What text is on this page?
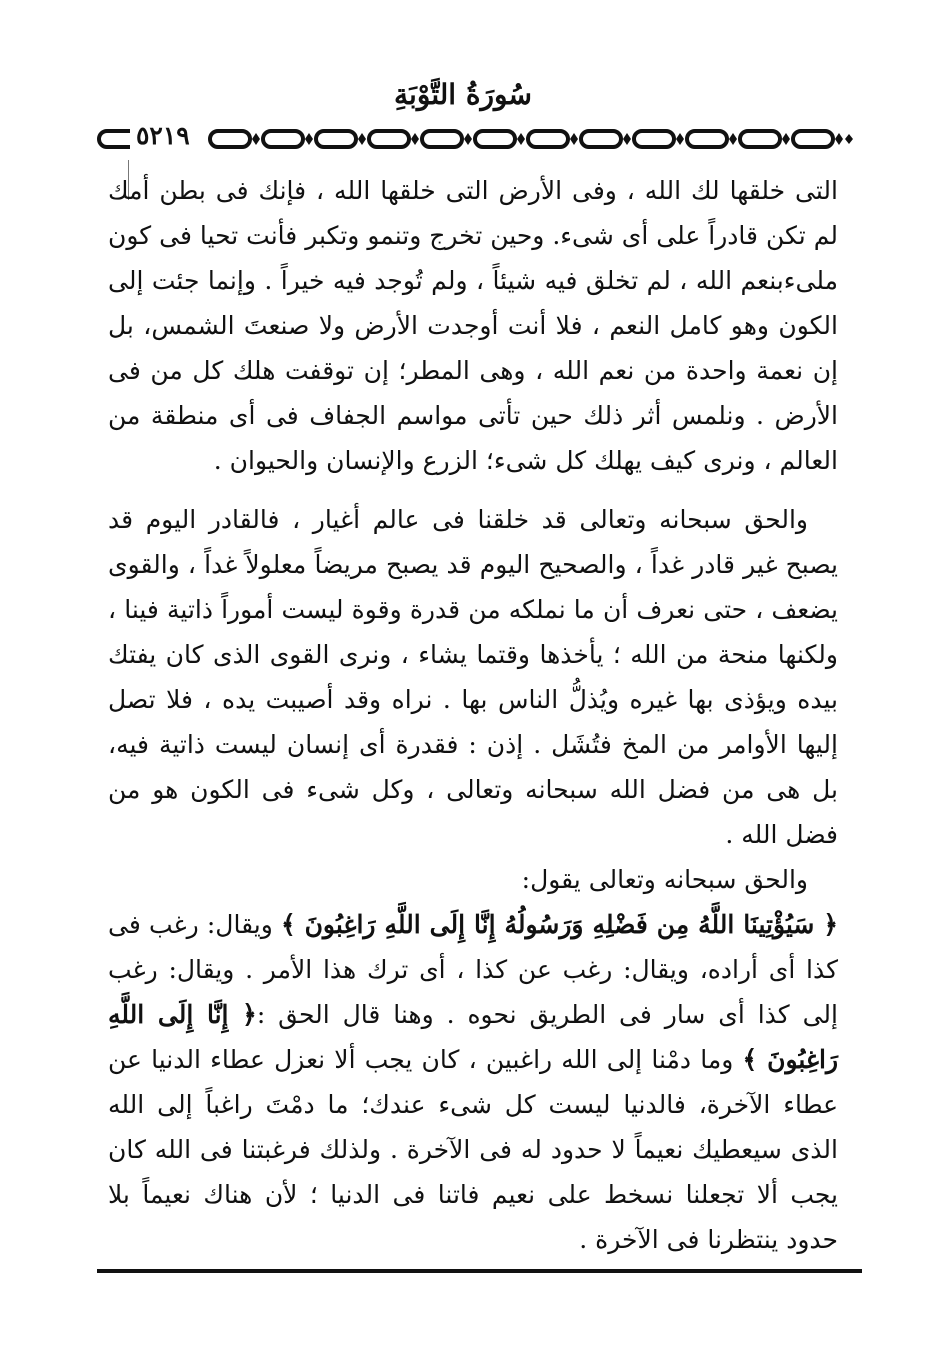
سُورَةُ التَّوْبَةِ
٥٢١٩

التى خلقها لك الله ، وفى الأرض التى خلقها الله ، فإنك فى بطن أمك لم تكن قادراً على أى شىء. وحين تخرج وتنمو وتكبر فأنت تحيا فى كون ملىءبنعم الله ، لم تخلق فيه شيئاً ، ولم تُوجد فيه خيراً . وإنما جئت إلى الكون وهو كامل النعم ، فلا أنت أوجدت الأرض ولا صنعتَ الشمس، بل إن نعمة واحدة من نعم الله ، وهى المطر؛ إن توقفت هلك كل من فى الأرض . ونلمس أثر ذلك حين تأتى مواسم الجفاف فى أى منطقة من العالم ، ونرى كيف يهلك كل شىء؛ الزرع والإنسان والحيوان .

والحق سبحانه وتعالى قد خلقنا فى عالم أغيار ، فالقادر اليوم قد يصبح غير قادر غداً ، والصحيح اليوم قد يصبح مريضاً معلولاً غداً ، والقوى يضعف ، حتى نعرف أن ما نملكه من قدرة وقوة ليست أموراً ذاتية فينا ، ولكنها منحة من الله ؛ يأخذها وقتما يشاء ، ونرى القوى الذى كان يفتك بيده ويؤذى بها غيره ويُذلُّ الناس بها . نراه وقد أصيبت يده ، فلا تصل إليها الأوامر من المخ فتُشَل . إذن : فقدرة أى إنسان ليست ذاتية فيه، بل هى من فضل الله سبحانه وتعالى ، وكل شىء فى الكون هو من فضل الله .

والحق سبحانه وتعالى يقول:

﴿ سَيُؤْتِينَا اللَّهُ مِن فَضْلِهِ وَرَسُولُهُ إِنَّا إِلَى اللَّهِ رَاغِبُونَ ﴾ ويقال: رغب فى كذا أى أراده، ويقال: رغب عن كذا ، أى ترك هذا الأمر . ويقال: رغب إلى كذا أى سار فى الطريق نحوه . وهنا قال الحق :﴿ إِنَّا إِلَى اللَّهِ رَاغِبُونَ ﴾ وما دمْنا إلى الله راغبين ، كان يجب ألا نعزل عطاء الدنيا عن عطاء الآخرة، فالدنيا ليست كل شىء عندك؛ ما دمْتَ راغباً إلى الله الذى سيعطيك نعيماً لا حدود له فى الآخرة . ولذلك فرغبتنا فى الله كان يجب ألا تجعلنا نسخط على نعيم فاتنا فى الدنيا ؛ لأن هناك نعيماً بلا حدود ينتظرنا فى الآخرة .
